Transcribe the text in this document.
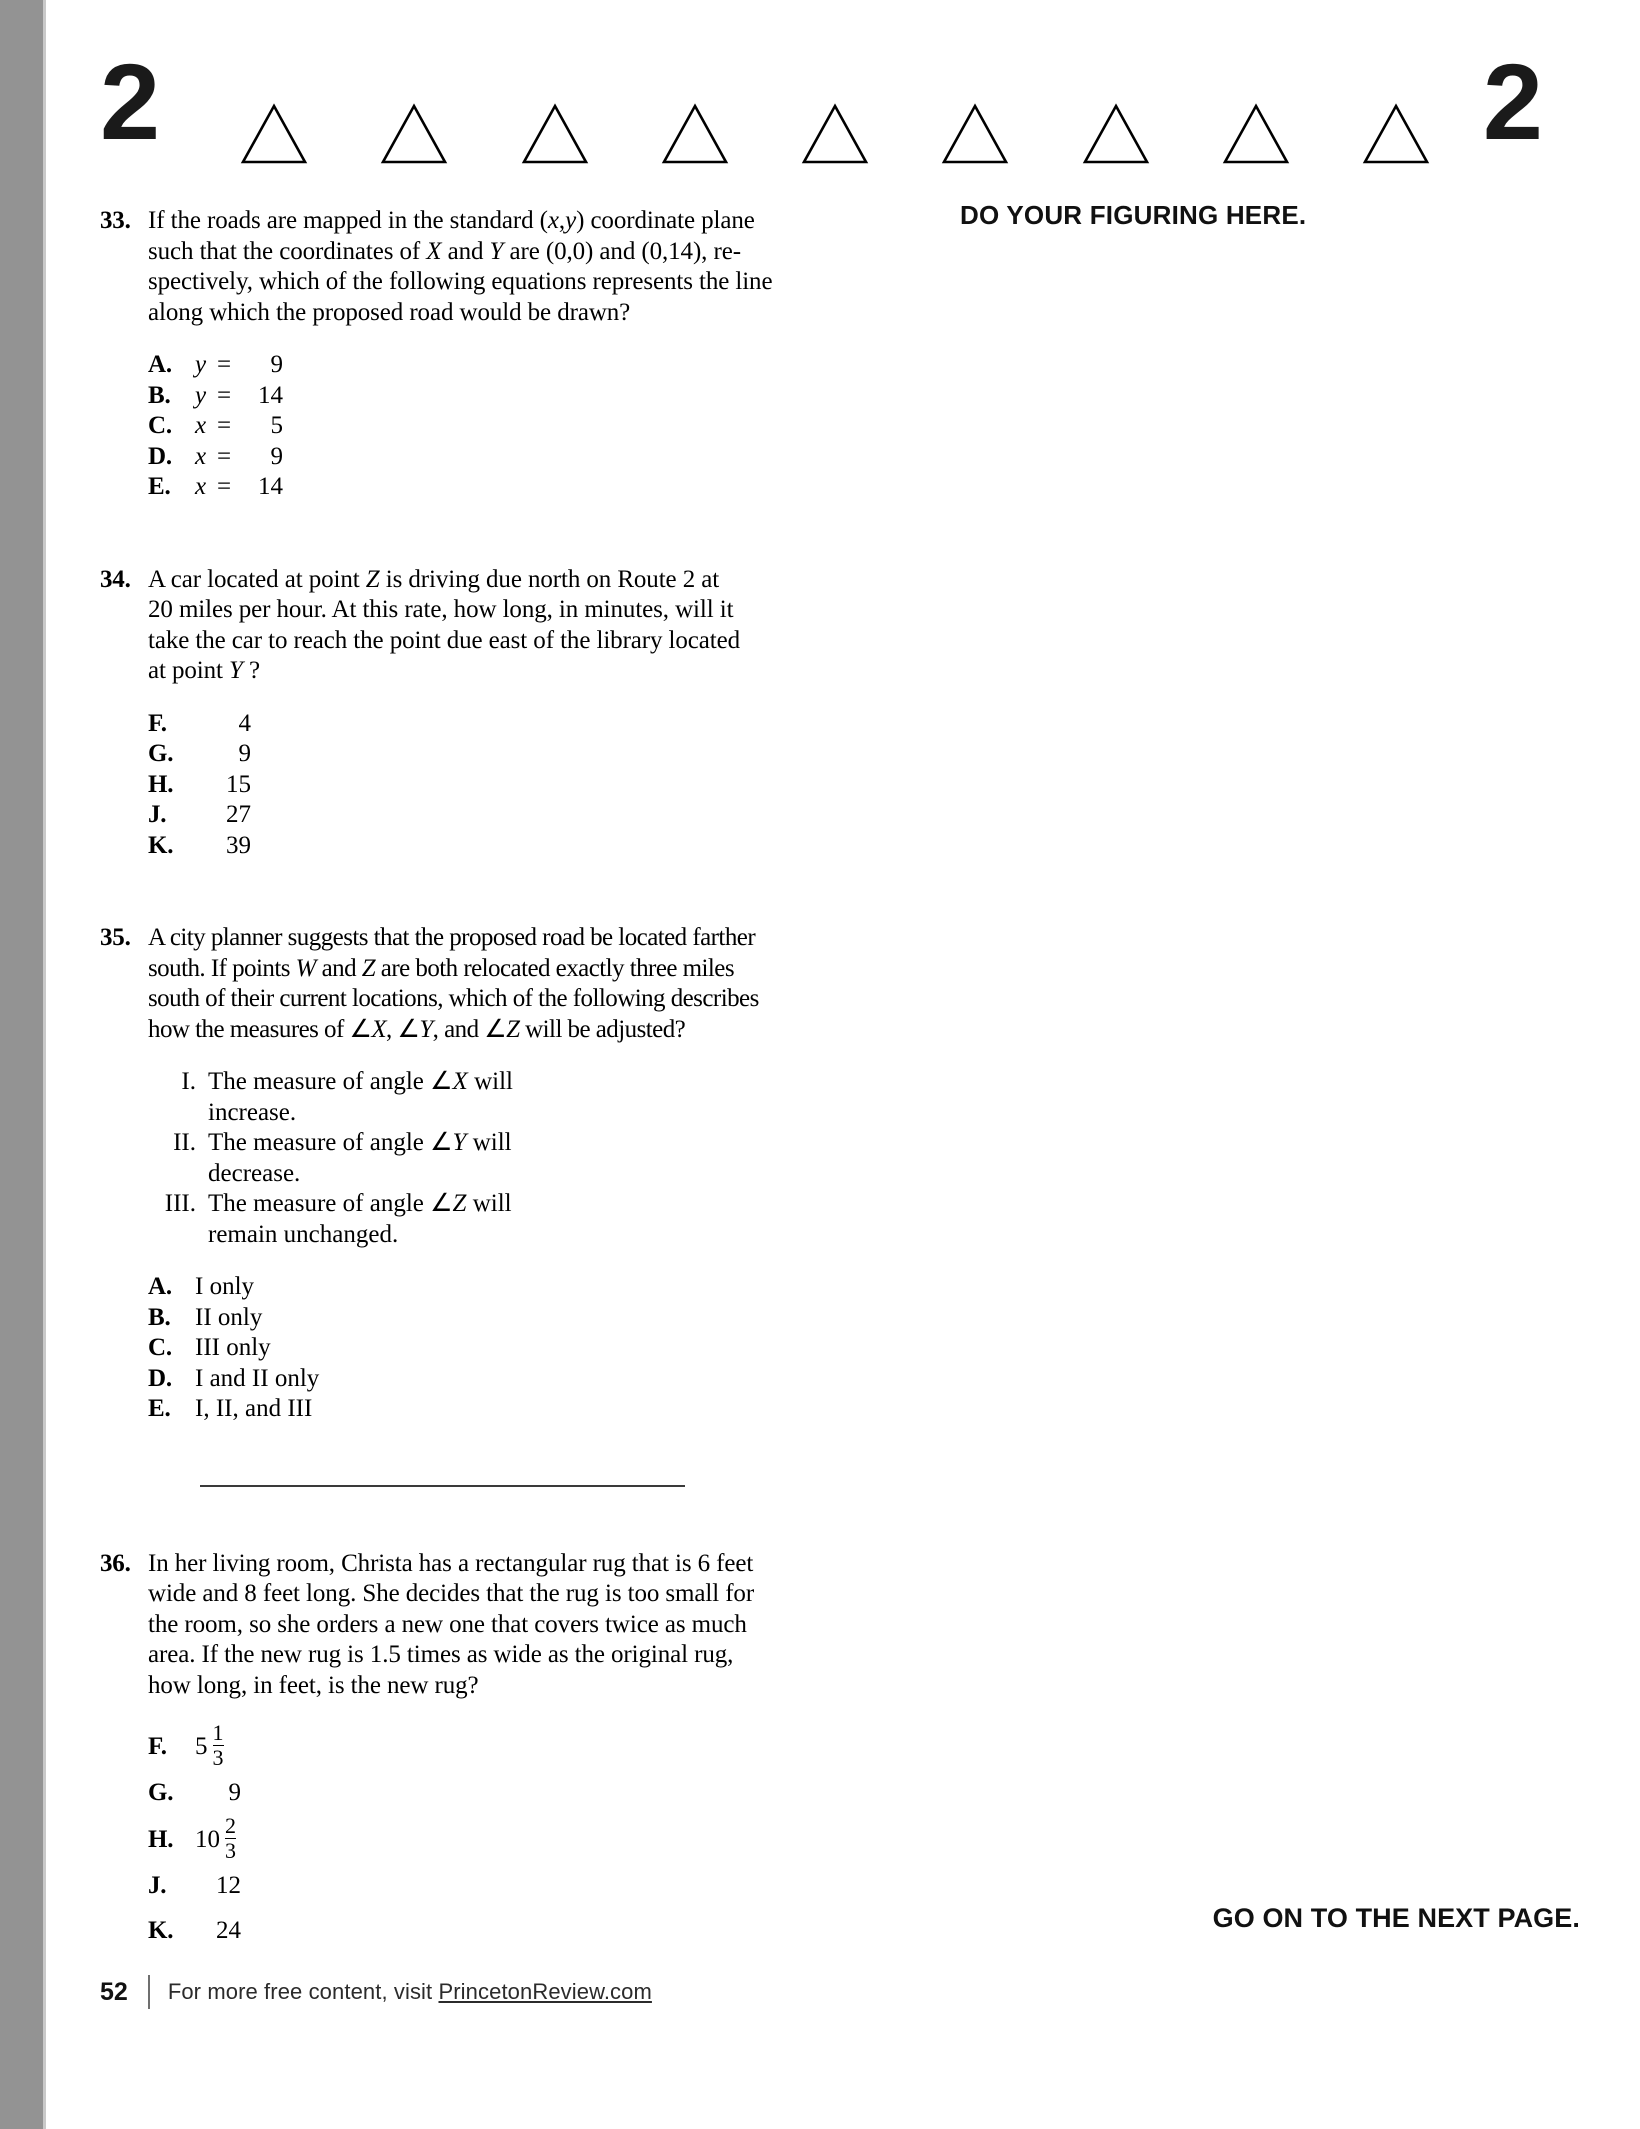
2	2
33. If the roads are mapped in the standard (x,y) coordinate plane
such that the coordinates of X and Y are (0,0) and (0,14), re-
spectively, which of the following equations represents the line
along which the proposed road would be drawn?
A. y =	9
B. y =	14
C. x =	5
D. x =	9
E. x =	14
34. A car located at point Z is driving due north on Route 2 at
20 miles per hour. At this rate, how long, in minutes, will it
take the car to reach the point due east of the library located
at point Y ?
F.	4
G.	9
H.	15
J.	27
K.	39
35. A city planner suggests that the proposed road be located farther
south. If points W and Z are both relocated exactly three miles
south of their current locations, which of the following describes
how the measures of ∠X, ∠Y, and ∠Z will be adjusted?
I. The measure of angle ∠X will
increase.
II. The measure of angle ∠Y will
decrease.
III. The measure of angle ∠Z will
remain unchanged.
A. I only
B. II only
C. III only
D. I and II only
E. I, II, and III
36. In her living room, Christa has a rectangular rug that is 6 feet
wide and 8 feet long. She decides that the rug is too small for
the room, so she orders a new one that covers twice as much
area. If the new rug is 1.5 times as wide as the original rug,
how long, in feet, is the new rug?
F.	$5 \frac{1}{3}$
G.	9
H. $10 \frac{2}{3}$
J.	12
K.	24
DO YOUR FIGURING HERE.
GO ON TO THE NEXT PAGE.
52 For more free content, visit PrincetonReview.com
